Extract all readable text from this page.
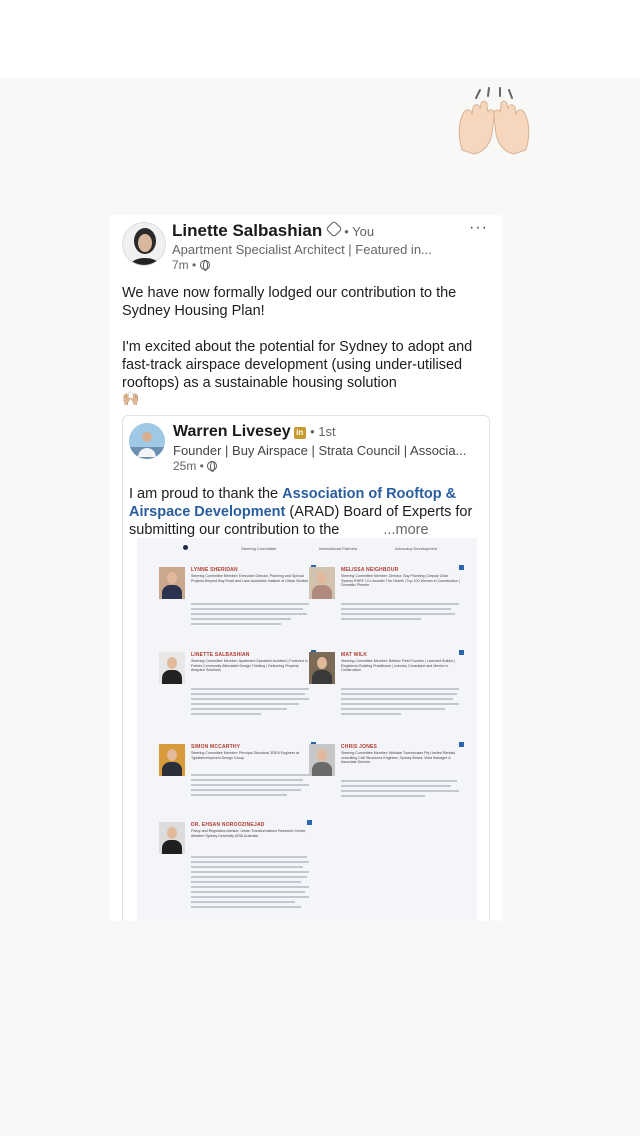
Linette Salbashian • You
Apartment Specialist Architect | Featured in...
7m •
···

We have now formally lodged our contribution to the Sydney Housing Plan!

I'm excited about the potential for Sydney to adopt and fast-track airspace development (using under-utilised rooftops) as a sustainable housing solution

🙌🏼
Warren Livesey in • 1st
Founder | Buy Airspace | Strata Council | Associa...
25m •
I am proud to thank the Association of Rooftop & Airspace Development (ARAD) Board of Experts for submitting our contribution to the	...more
Steering Committee	International Partners	Advocacy Development
LYNNE SHERIDAN
Steering Committee Member: Executive Director, Planning and Special Projects Beyond Bay Road and Lane Australian Institute of Urban Studies
MELISSA NEIGHBOUR
Steering Committee Member: Director, Bay Planning | Deputy Chair Sydney RHRF | Co-founder The Hearth | Top 100 Women in Construction | Domestic Planner
LINETTE SALBASHIAN
Steering Committee Member: Apartment Specialist Architect | Featured in Forbes Community Affordable Design Thinking | Delivering Property Airspace Solutions
MAT WILK
Steering Committee Member: Bellbox Field Founder | Licensed Builder | Registered Building Practitioner | Industry Consultant and Mentor in Construction
SIMON MCCARTHY
Steering Committee Member: Principal Structural 3DEN Engineer at Tgdatdevelopment Design Group
CHRIS JONES
Steering Committee Member: Weldaar Townhouses Pty Limited Rentals consulting Civil Structures Engineer, Sydney Board; Vista Manager & Associate Director
DR. EHSAN NOROOZINEJAD
Policy and Regulation Advisor: Urban Transformations Research Centre, Western Sydney University ARAI Australia
